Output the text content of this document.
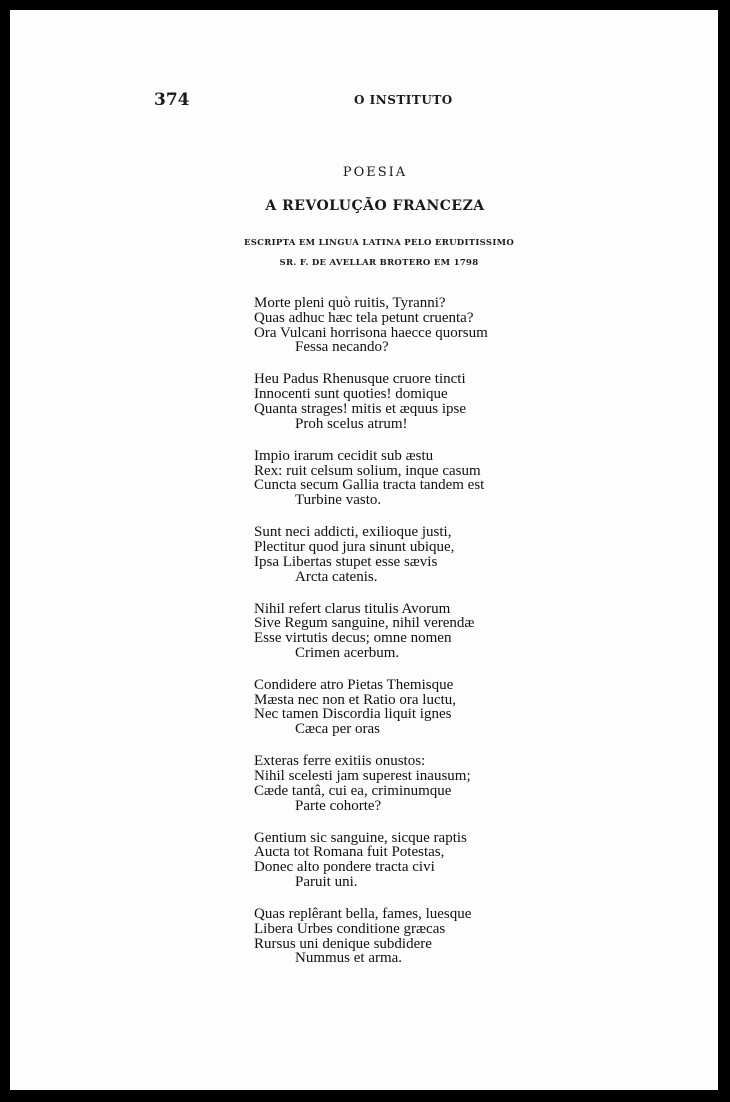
374	O INSTITUTO
POESIA
A REVOLUÇÃO FRANCEZA
ESCRIPTA EM LINGUA LATINA PELO ERUDITISSIMO
SR. F. DE AVELLAR BROTERO EM 1798
Morte pleni quò ruitis, Tyranni?
Quas adhuc hæc tela petunt cruenta?
Ora Vulcani horrisona haecce quorsum
Fessa necando?
Heu Padus Rhenusque cruore tincti
Innocenti sunt quoties! domique
Quanta strages! mitis et æquus ipse
Proh scelus atrum!
Impio irarum cecidit sub æstu
Rex: ruit celsum solium, inque casum
Cuncta secum Gallia tracta tandem est
Turbine vasto.
Sunt neci addicti, exilioque justi,
Plectitur quod jura sinunt ubique,
Ipsa Libertas stupet esse sævis
Arcta catenis.
Nihil refert clarus titulis Avorum
Sive Regum sanguine, nihil verendæ
Esse virtutis decus; omne nomen
Crimen acerbum.
Condidere atro Pietas Themisque
Mæsta nec non et Ratio ora luctu,
Nec tamen Discordia liquit ignes
Cæca per oras
Exteras ferre exitiis onustos:
Nihil scelesti jam superest inausum;
Cæde tantâ, cui ea, criminumque
Parte cohorte?
Gentium sic sanguine, sicque raptis
Aucta tot Romana fuit Potestas,
Donec alto pondere tracta civi
Paruit uni.
Quas replêrant bella, fames, luesque
Libera Urbes conditione græcas
Rursus uni denique subdidere
Nummus et arma.
